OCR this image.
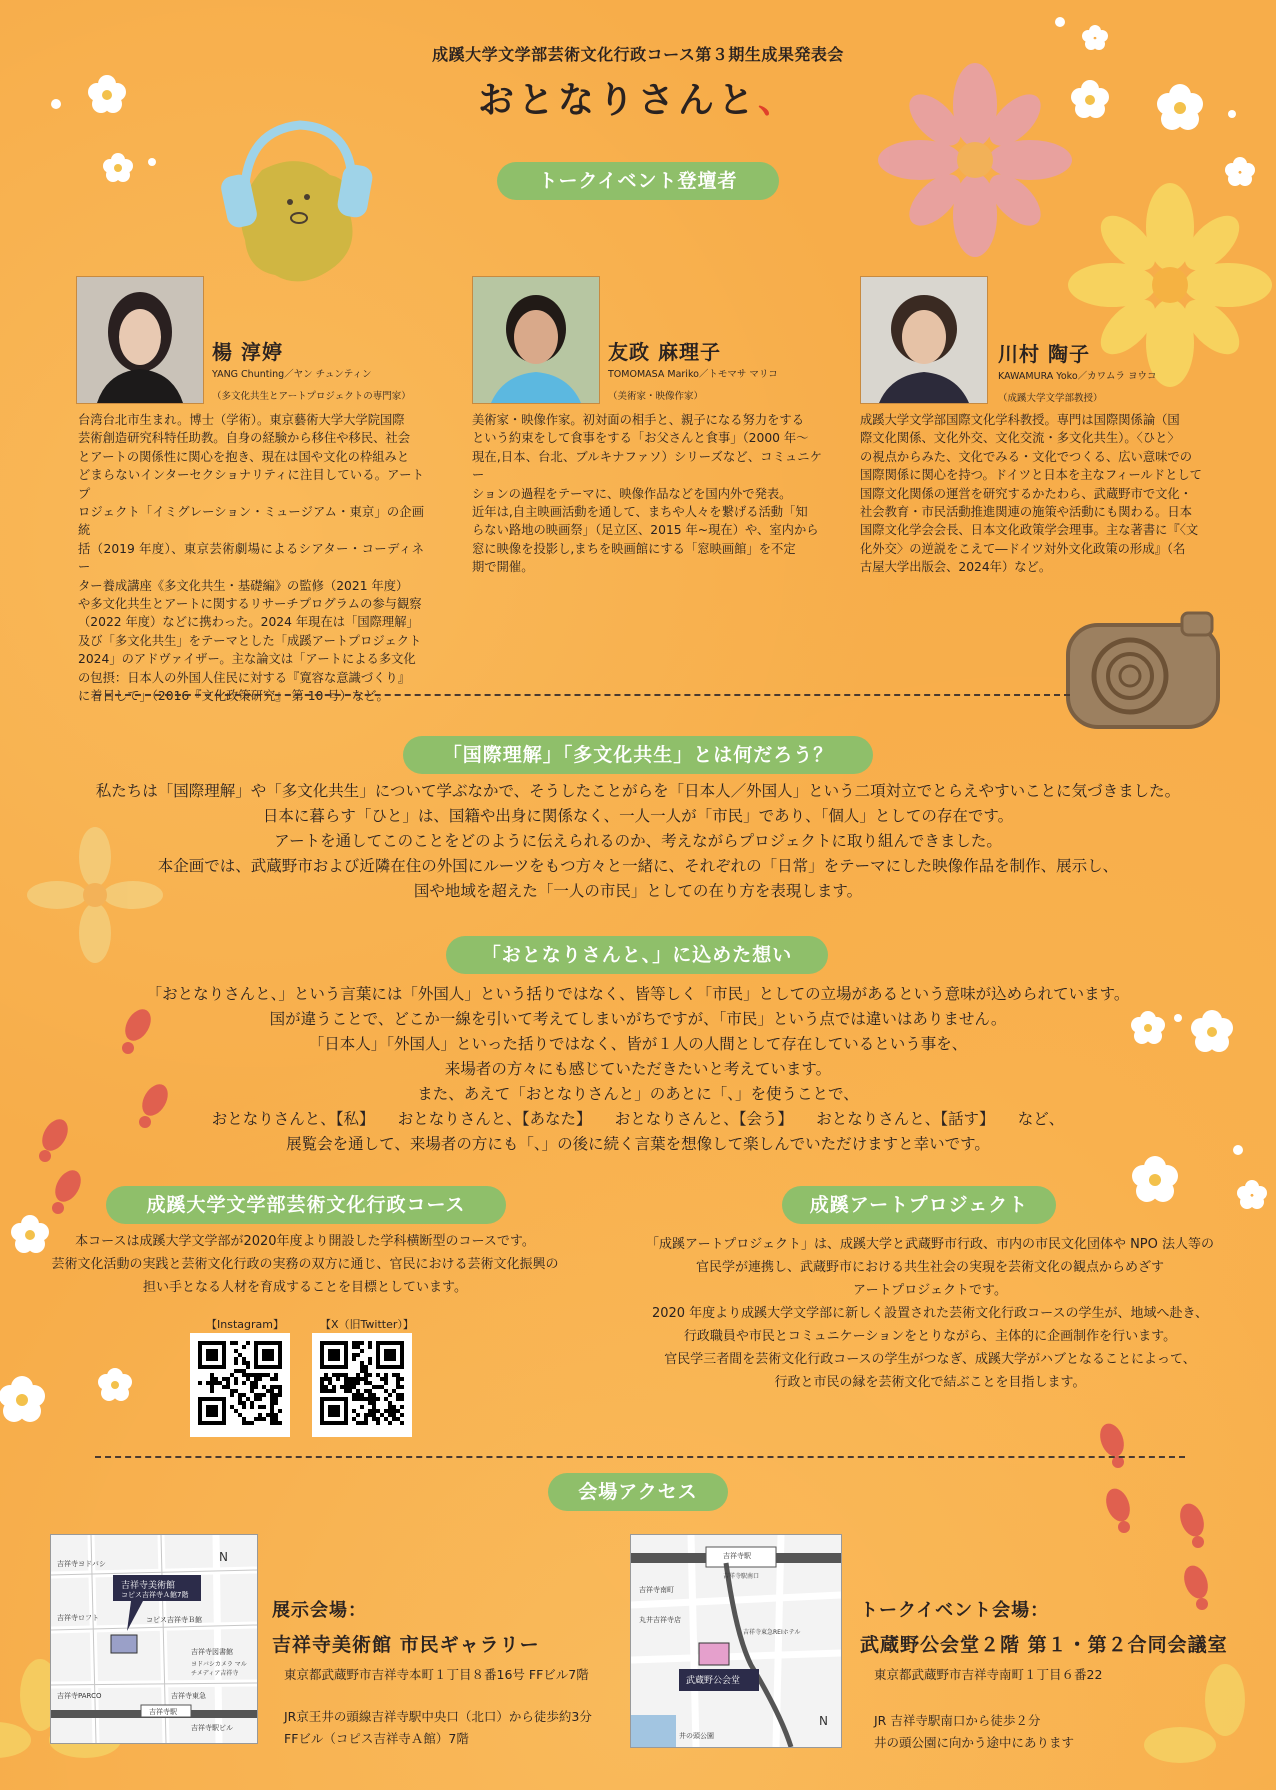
成蹊大学文学部芸術文化行政コース第３期生成果発表会
おとなりさんと、
トークイベント登壇者
楊 淳婷
YANG Chunting／ヤン チュンティン
（多文化共生とアートプロジェクトの専門家）
台湾台北市生まれ。博士（学術）。東京藝術大学大学院国際
芸術創造研究科特任助教。自身の経験から移住や移民、社会
とアートの関係性に関心を抱き、現在は国や文化の枠組みと
どまらないインターセクショナリティに注目している。アートプ
ロジェクト「イミグレーション・ミュージアム・東京」の企画統
括（2019 年度）、東京芸術劇場によるシアター・コーディネー
ター養成講座《多文化共生・基礎編》の監修（2021 年度）
や多文化共生とアートに関するリサーチプログラムの参与観察
（2022 年度）などに携わった。2024 年現在は「国際理解」
及び「多文化共生」をテーマとした「成蹊アートプロジェクト
2024」のアドヴァイザー。主な論文は「アートによる多文化
の包摂：日本人の外国人住民に対する『寛容な意識づくり』
に着目して」（2016『文化政策研究』 第 10 号）など。
友政 麻理子
TOMOMASA Mariko／トモマサ マリコ
（美術家・映像作家）
美術家・映像作家。初対面の相手と、親子になる努力をする
という約束をして食事をする「お父さんと食事」（2000 年～
現在,日本、台北、ブルキナファソ）シリーズなど、コミュニケー
ションの過程をテーマに、映像作品などを国内外で発表。
近年は,自主映画活動を通して、まちや人々を繋げる活動「知
らない路地の映画祭」（足立区、2015 年~現在）や、室内から
窓に映像を投影し,まちを映画館にする「窓映画館」を不定
期で開催。
川村 陶子
KAWAMURA Yoko／カワムラ ヨウコ
（成蹊大学文学部教授）
成蹊大学文学部国際文化学科教授。専門は国際関係論（国
際文化関係、文化外交、文化交流・多文化共生）。〈ひと〉
の視点からみた、文化でみる・文化でつくる、広い意味での
国際関係に関心を持つ。ドイツと日本を主なフィールドとして
国際文化関係の運営を研究するかたわら、武蔵野市で文化・
社会教育・市民活動推進関連の施策や活動にも関わる。日本
国際文化学会会長、日本文化政策学会理事。主な著書に『〈文
化外交〉の逆説をこえて―ドイツ対外文化政策の形成』（名
古屋大学出版会、2024年）など。
「国際理解」「多文化共生」とは何だろう？
私たちは「国際理解」や「多文化共生」について学ぶなかで、そうしたことがらを「日本人／外国人」という二項対立でとらえやすいことに気づきました。
日本に暮らす「ひと」は、国籍や出身に関係なく、一人一人が「市民」であり、「個人」としての存在です。
アートを通してこのことをどのように伝えられるのか、考えながらプロジェクトに取り組んできました。
本企画では、武蔵野市および近隣在住の外国にルーツをもつ方々と一緒に、それぞれの「日常」をテーマにした映像作品を制作、展示し、
国や地域を超えた「一人の市民」としての在り方を表現します。
「おとなりさんと、」に込めた想い
「おとなりさんと、」という言葉には「外国人」という括りではなく、皆等しく「市民」としての立場があるという意味が込められています。
国が違うことで、どこか一線を引いて考えてしまいがちですが、「市民」という点では違いはありません。
「日本人」「外国人」といった括りではなく、皆が１人の人間として存在しているという事を、
来場者の方々にも感じていただきたいと考えています。
また、あえて「おとなりさんと」のあとに「、」を使うことで、
おとなりさんと、【私】　　おとなりさんと、【あなた】　　おとなりさんと、【会う】　　おとなりさんと、【話す】　　など、
展覧会を通して、来場者の方にも「、」の後に続く言葉を想像して楽しんでいただけますと幸いです。
成蹊大学文学部芸術文化行政コース
本コースは成蹊大学文学部が2020年度より開設した学科横断型のコースです。
芸術文化活動の実践と芸術文化行政の実務の双方に通じ、官民における芸術文化振興の
担い手となる人材を育成することを目標としています。
【Instagram】	【X（旧Twitter）】
成蹊アートプロジェクト
「成蹊アートプロジェクト」は、成蹊大学と武蔵野市行政、市内の市民文化団体や NPO 法人等の
官民学が連携し、武蔵野市における共生社会の実現を芸術文化の観点からめざす
アートプロジェクトです。
2020 年度より成蹊大学文学部に新しく設置された芸術文化行政コースの学生が、地域へ赴き、
行政職員や市民とコミュニケーションをとりながら、主体的に企画制作を行います。
官民学三者間を芸術文化行政コースの学生がつなぎ、成蹊大学がハブとなることによって、
行政と市民の縁を芸術文化で結ぶことを目指します。
会場アクセス
N
吉祥寺美術館
コピス吉祥寺Ａ館7階
吉祥寺駅
吉祥寺PARCO	吉祥寺東急
吉祥寺ヨドバシ
吉祥寺ロフト	コピス吉祥寺Ｂ館
吉祥寺図書館
ヨドバシカメラ マルチメディア吉祥寺
吉祥寺駅ビル
展示会場：
吉祥寺美術館 市民ギャラリー
東京都武蔵野市吉祥寺本町１丁目８番16号 FFビル7階
JR京王井の頭線吉祥寺駅中央口（北口）から徒歩約3分
FFビル（コピス吉祥寺Ａ館）7階
N
武蔵野公会堂
吉祥寺駅
吉祥寺駅南口
井の頭公園
吉祥寺南町
丸井吉祥寺店
吉祥寺東急REIホテル
トークイベント会場：
武蔵野公会堂２階 第１・第２合同会議室
東京都武蔵野市吉祥寺南町１丁目６番22
JR 吉祥寺駅南口から徒歩２分
井の頭公園に向かう途中にあります
